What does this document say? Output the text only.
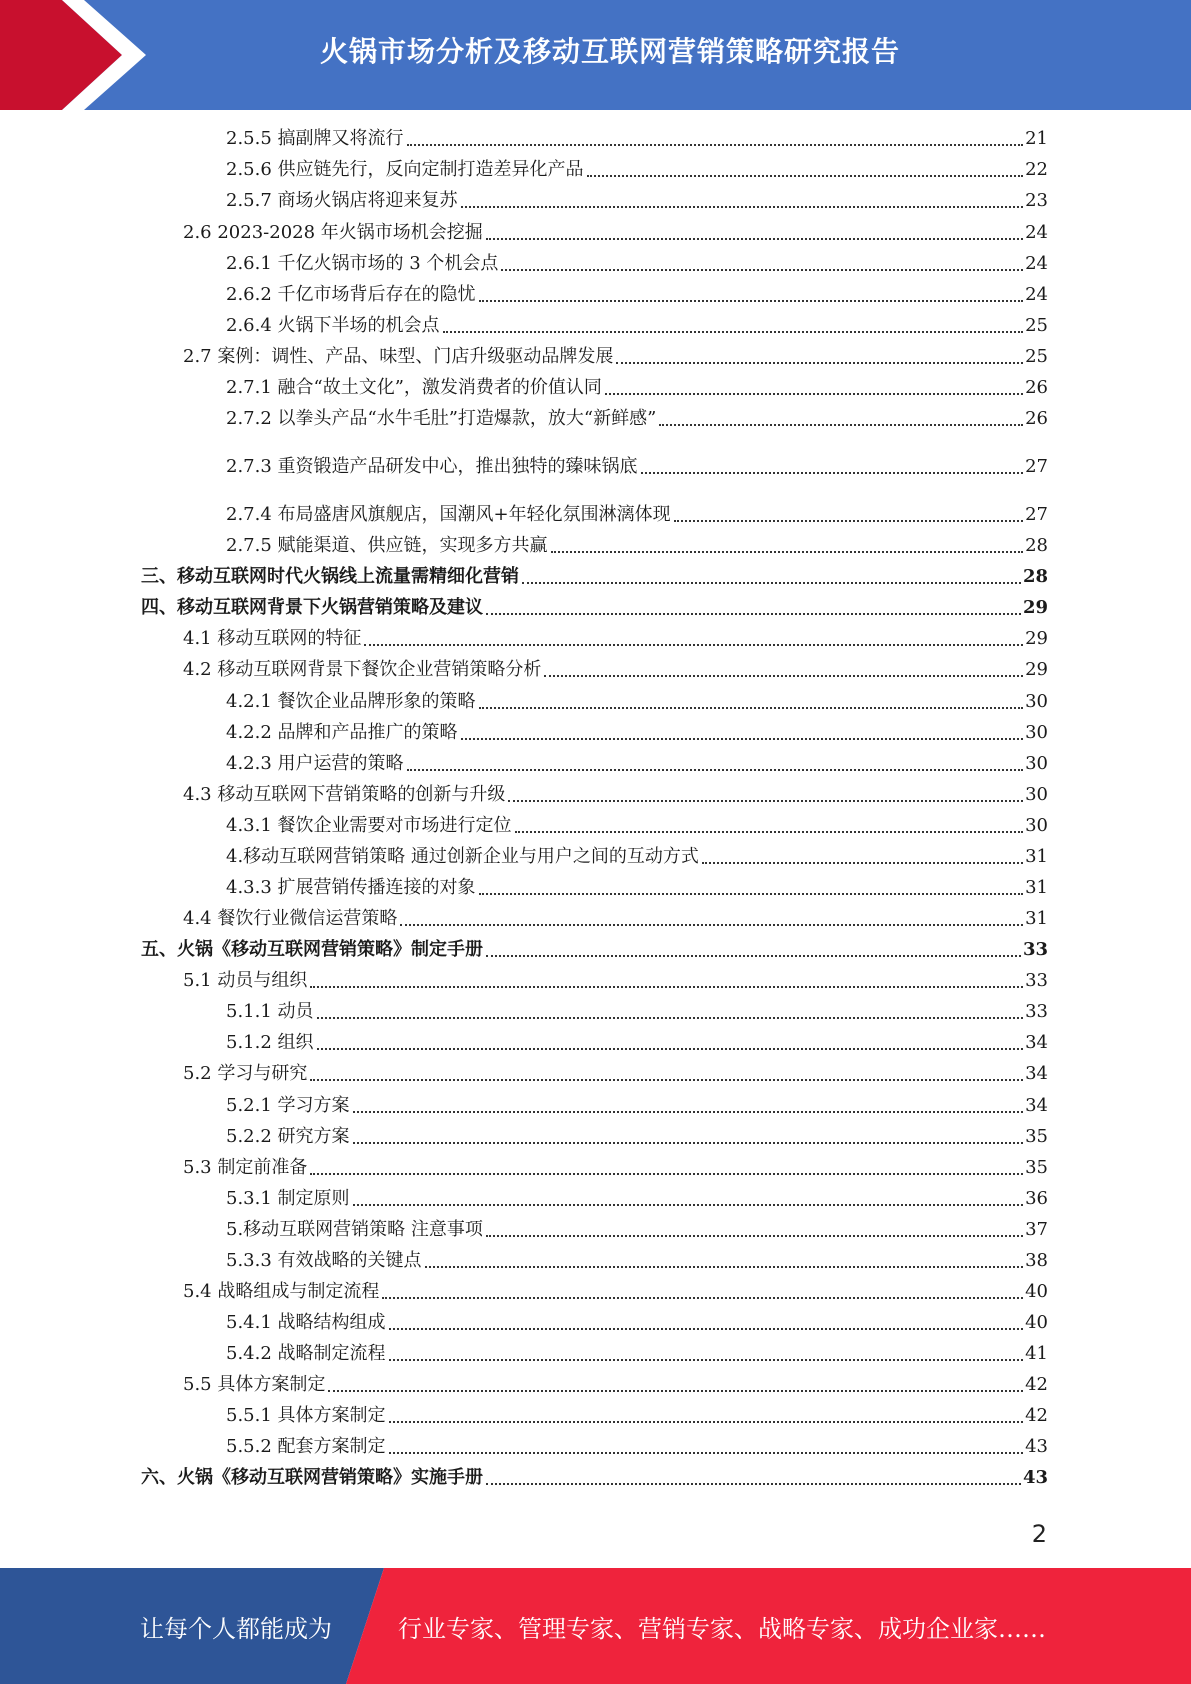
火锅市场分析及移动互联网营销策略研究报告
2.5.5 搞副牌又将流行	21
2.5.6 供应链先行，反向定制打造差异化产品	22
2.5.7 商场火锅店将迎来复苏	23
2.6 2023-2028 年火锅市场机会挖掘	24
2.6.1 千亿火锅市场的 3 个机会点	24
2.6.2 千亿市场背后存在的隐忧	24
2.6.4 火锅下半场的机会点	25
2.7 案例：调性、产品、味型、门店升级驱动品牌发展	25
2.7.1 融合“故土文化”，激发消费者的价值认同	26
2.7.2 以拳头产品“水牛毛肚”打造爆款，放大“新鲜感”	26
2.7.3 重资锻造产品研发中心，推出独特的臻味锅底	27
2.7.4 布局盛唐风旗舰店，国潮风+年轻化氛围淋漓体现	27
2.7.5 赋能渠道、供应链，实现多方共赢	28
三、移动互联网时代火锅线上流量需精细化营销	28
四、移动互联网背景下火锅营销策略及建议	29
4.1 移动互联网的特征	29
4.2 移动互联网背景下餐饮企业营销策略分析	29
4.2.1 餐饮企业品牌形象的策略	30
4.2.2 品牌和产品推广的策略	30
4.2.3 用户运营的策略	30
4.3 移动互联网下营销策略的创新与升级	30
4.3.1 餐饮企业需要对市场进行定位	30
4.移动互联网营销策略 通过创新企业与用户之间的互动方式	31
4.3.3 扩展营销传播连接的对象	31
4.4 餐饮行业微信运营策略	31
五、火锅《移动互联网营销策略》制定手册	33
5.1 动员与组织	33
5.1.1 动员	33
5.1.2 组织	34
5.2 学习与研究	34
5.2.1 学习方案	34
5.2.2 研究方案	35
5.3 制定前准备	35
5.3.1 制定原则	36
5.移动互联网营销策略 注意事项	37
5.3.3 有效战略的关键点	38
5.4 战略组成与制定流程	40
5.4.1 战略结构组成	40
5.4.2 战略制定流程	41
5.5 具体方案制定	42
5.5.1 具体方案制定	42
5.5.2 配套方案制定	43
六、火锅《移动互联网营销策略》实施手册	43
2
让每个人都能成为	行业专家、管理专家、营销专家、战略专家、成功企业家……
